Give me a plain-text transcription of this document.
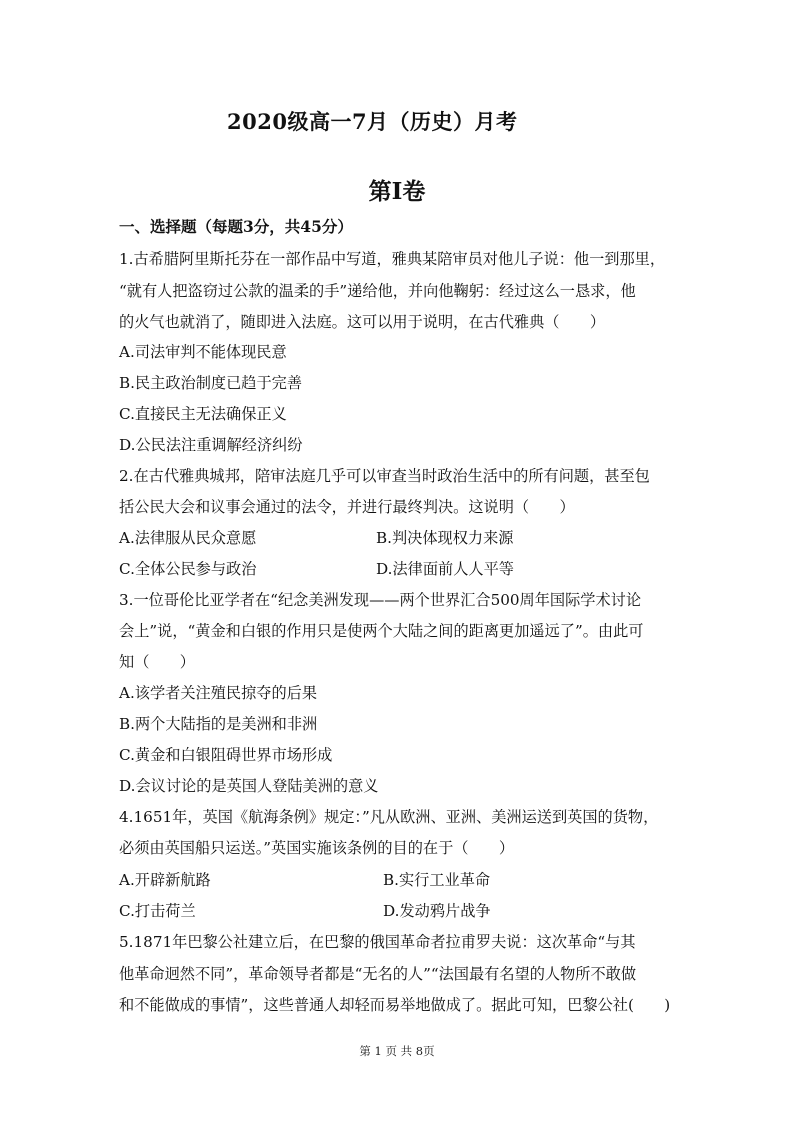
2020级高一7月（历史）月考
第Ⅰ卷
一、选择题（每题3分，共45分）
1.古希腊阿里斯托芬在一部作品中写道，雅典某陪审员对他儿子说：他一到那里，
“就有人把盗窃过公款的温柔的手”递给他，并向他鞠躬：经过这么一恳求，他
的火气也就消了，随即进入法庭。这可以用于说明，在古代雅典（　　）
A.司法审判不能体现民意
B.民主政治制度已趋于完善
C.直接民主无法确保正义
D.公民法注重调解经济纠纷
2.在古代雅典城邦，陪审法庭几乎可以审查当时政治生活中的所有问题，甚至包
括公民大会和议事会通过的法令，并进行最终判决。这说明（　　）
A.法律服从民众意愿	B.判决体现权力来源
C.全体公民参与政治	D.法律面前人人平等
3.一位哥伦比亚学者在“纪念美洲发现——两个世界汇合500周年国际学术讨论
会上”说，“黄金和白银的作用只是使两个大陆之间的距离更加遥远了”。由此可
知（　　）
A.该学者关注殖民掠夺的后果
B.两个大陆指的是美洲和非洲
C.黄金和白银阻碍世界市场形成
D.会议讨论的是英国人登陆美洲的意义
4.1651年，英国《航海条例》规定：”凡从欧洲、亚洲、美洲运送到英国的货物，
必须由英国船只运送。”英国实施该条例的目的在于（　　）
A.开辟新航路	B.实行工业革命
C.打击荷兰	D.发动鸦片战争
5.1871年巴黎公社建立后，在巴黎的俄国革命者拉甫罗夫说：这次革命“与其
他革命迥然不同”，革命领导者都是“无名的人”“法国最有名望的人物所不敢做
和不能做成的事情”，这些普通人却轻而易举地做成了。据此可知，巴黎公社(　　)
第 1 页 共 8页
